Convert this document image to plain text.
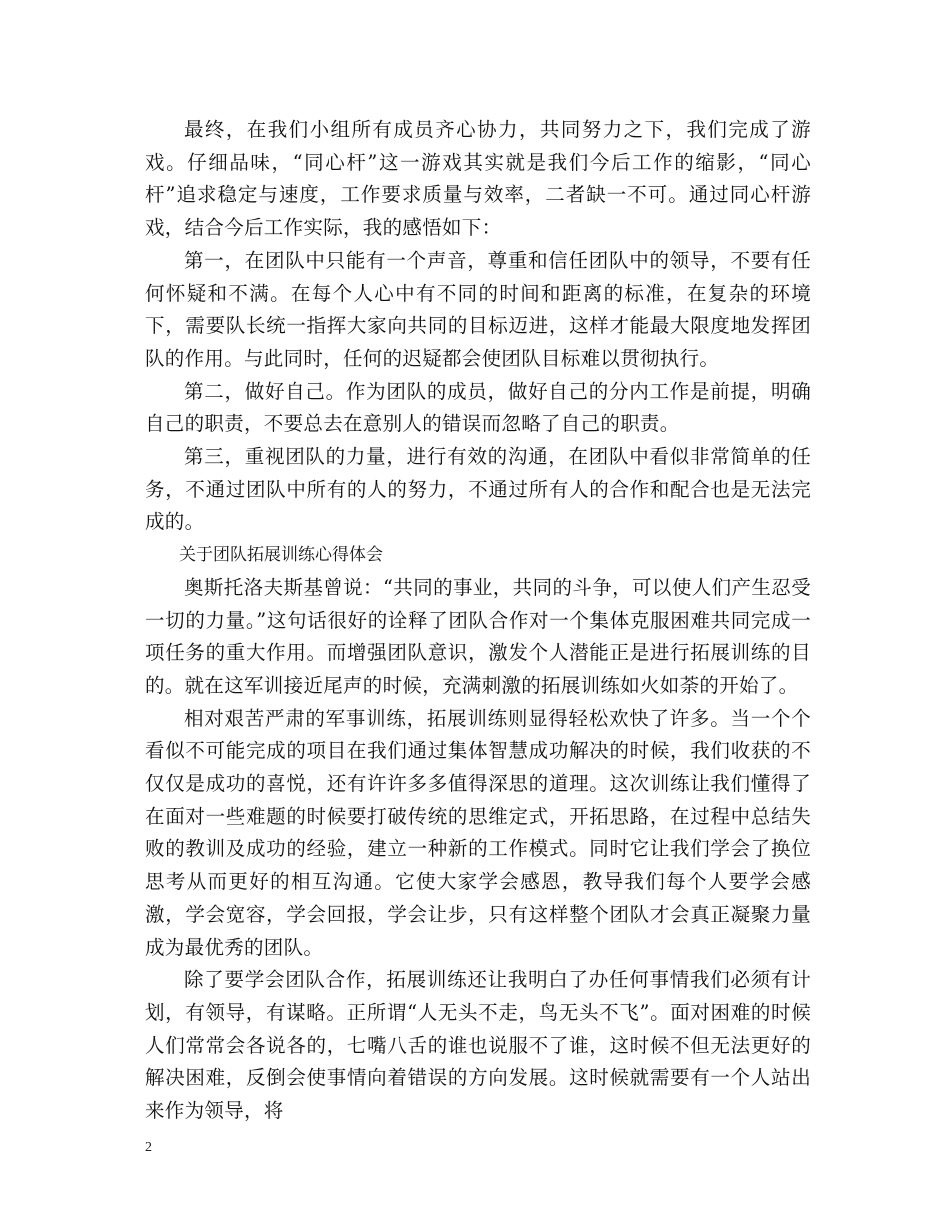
最终，在我们小组所有成员齐心协力，共同努力之下，我们完成了游戏。仔细品味，“同心杆”这一游戏其实就是我们今后工作的缩影，“同心杆”追求稳定与速度，工作要求质量与效率，二者缺一不可。通过同心杆游戏，结合今后工作实际，我的感悟如下：

第一，在团队中只能有一个声音，尊重和信任团队中的领导，不要有任何怀疑和不满。在每个人心中有不同的时间和距离的标准，在复杂的环境下，需要队长统一指挥大家向共同的目标迈进，这样才能最大限度地发挥团队的作用。与此同时，任何的迟疑都会使团队目标难以贯彻执行。

第二，做好自己。作为团队的成员，做好自己的分内工作是前提，明确自己的职责，不要总去在意别人的错误而忽略了自己的职责。

第三，重视团队的力量，进行有效的沟通，在团队中看似非常简单的任务，不通过团队中所有的人的努力，不通过所有人的合作和配合也是无法完成的。

关于团队拓展训练心得体会

奥斯托洛夫斯基曾说：“共同的事业，共同的斗争，可以使人们产生忍受一切的力量。”这句话很好的诠释了团队合作对一个集体克服困难共同完成一项任务的重大作用。而增强团队意识，激发个人潜能正是进行拓展训练的目的。就在这军训接近尾声的时候，充满刺激的拓展训练如火如荼的开始了。

相对艰苦严肃的军事训练，拓展训练则显得轻松欢快了许多。当一个个看似不可能完成的项目在我们通过集体智慧成功解决的时候，我们收获的不仅仅是成功的喜悦，还有许许多多值得深思的道理。这次训练让我们懂得了在面对一些难题的时候要打破传统的思维定式，开拓思路，在过程中总结失败的教训及成功的经验，建立一种新的工作模式。同时它让我们学会了换位思考从而更好的相互沟通。它使大家学会感恩，教导我们每个人要学会感激，学会宽容，学会回报，学会让步，只有这样整个团队才会真正凝聚力量成为最优秀的团队。

除了要学会团队合作，拓展训练还让我明白了办任何事情我们必须有计划，有领导，有谋略。正所谓“人无头不走，鸟无头不飞”。面对困难的时候人们常常会各说各的，七嘴八舌的谁也说服不了谁，这时候不但无法更好的解决困难，反倒会使事情向着错误的方向发展。这时候就需要有一个人站出来作为领导，将

2
